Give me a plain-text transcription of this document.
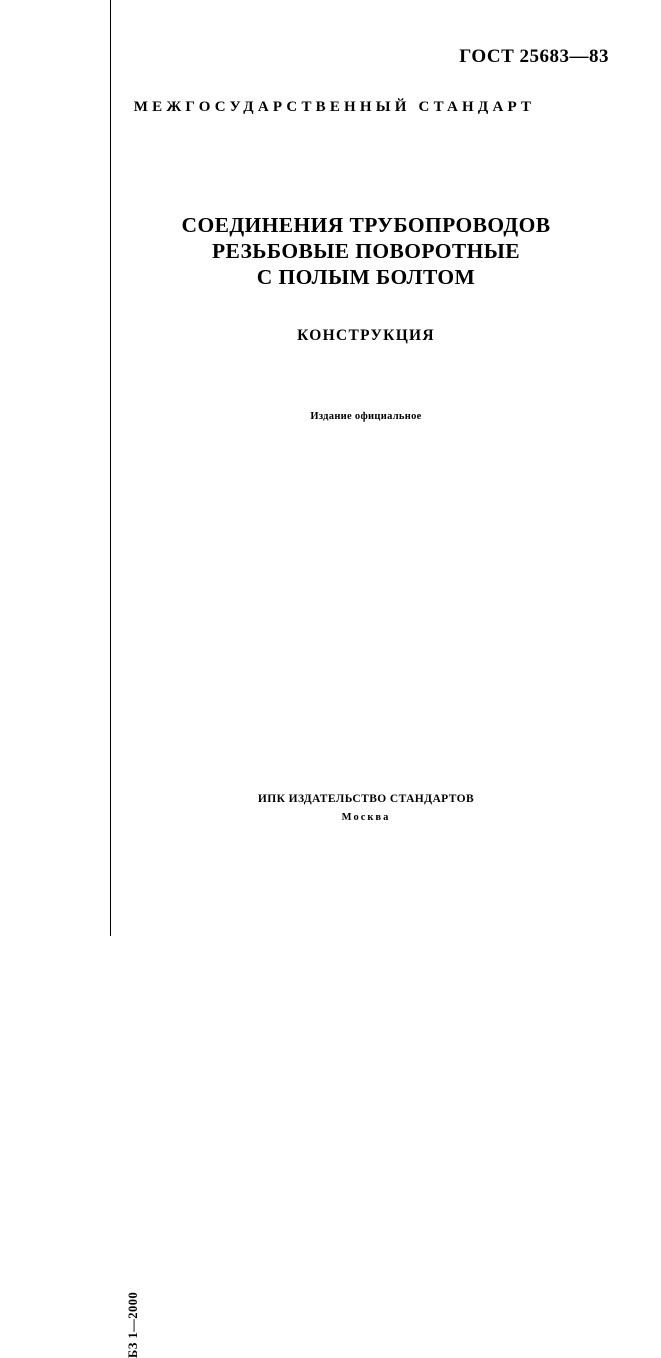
ГОСТ 25683—83
МЕЖГОСУДАРСТВЕННЫЙ СТАНДАРТ
СОЕДИНЕНИЯ ТРУБОПРОВОДОВ
РЕЗЬБОВЫЕ ПОВОРОТНЫЕ
С ПОЛЫМ БОЛТОМ
КОНСТРУКЦИЯ
Издание официальное
БЗ 1—2000
ИПК ИЗДАТЕЛЬСТВО СТАНДАРТОВ
Москва
